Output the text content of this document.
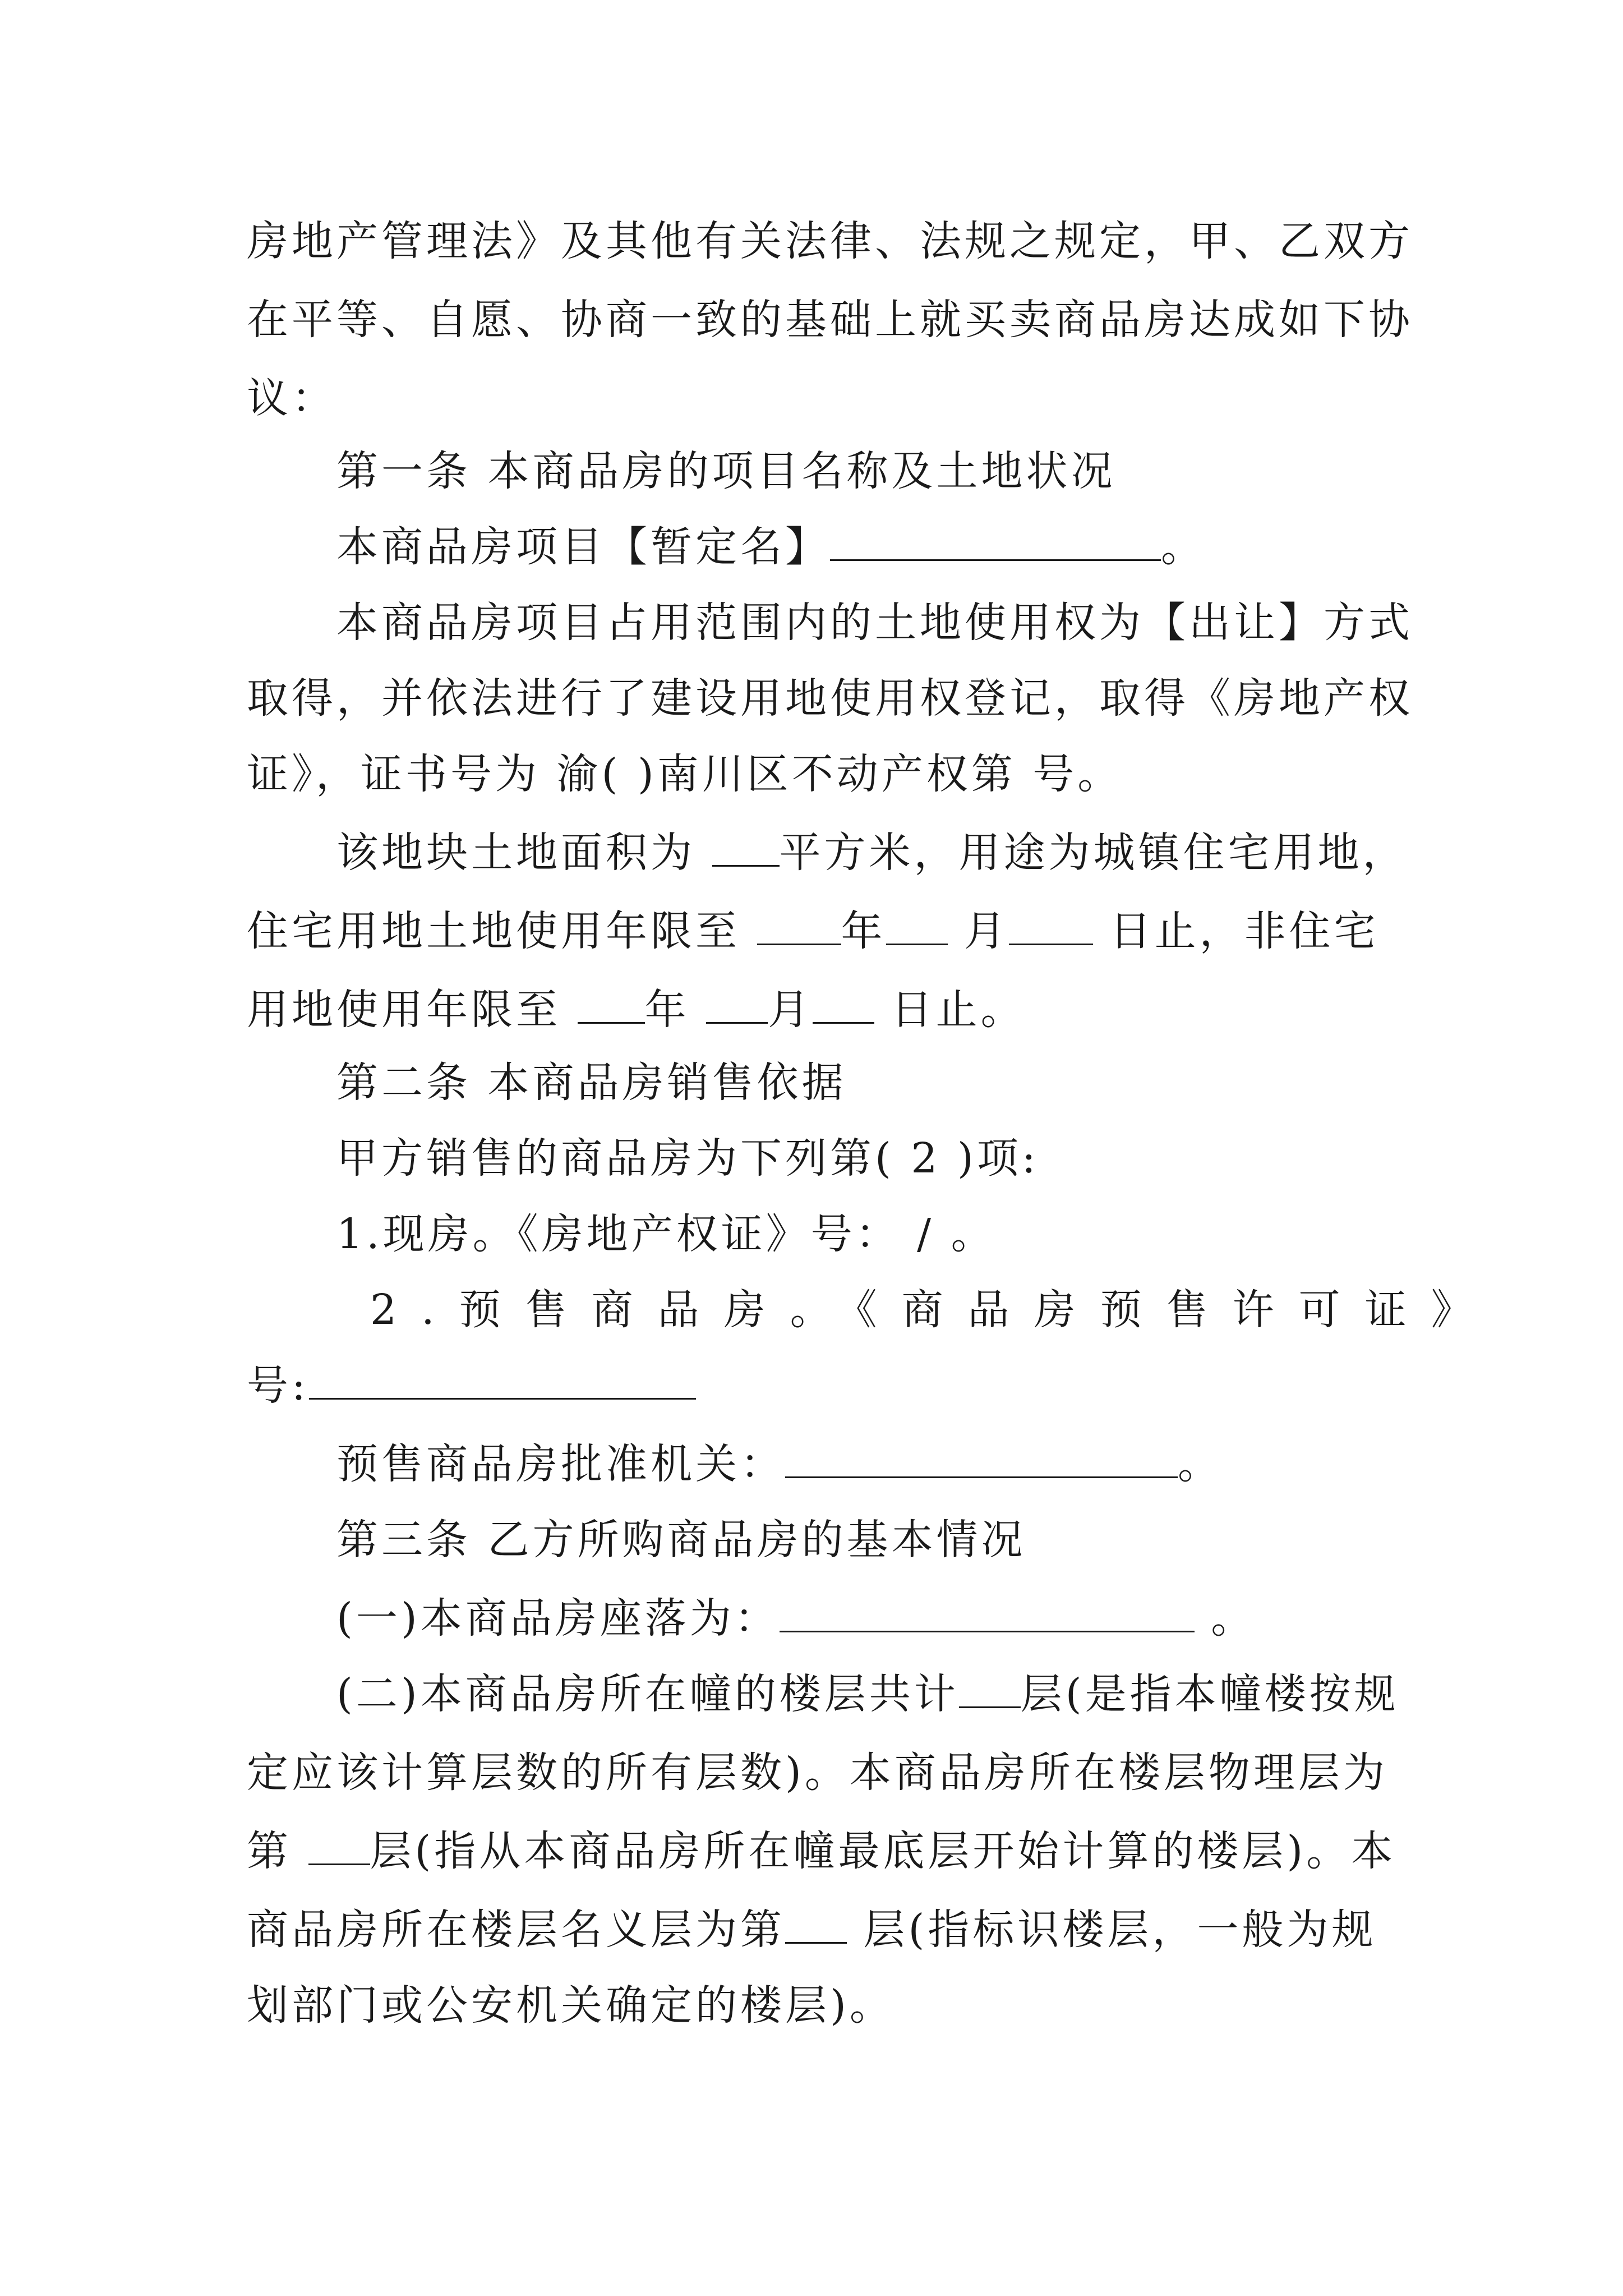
房地产管理法》及其他有关法律、法规之规定，甲、乙双方
在平等、自愿、协商一致的基础上就买卖商品房达成如下协
议：
第一条 本商品房的项目名称及土地状况
本商品房项目【暂定名】	。
本商品房项目占用范围内的土地使用权为【出让】方式
取得，并依法进行了建设用地使用权登记，取得《房地产权
证》，证书号为 渝( )南川区不动产权第 号。
该地块土地面积为 平方米，用途为城镇住宅用地，
住宅用地土地使用年限至 年 月 日止，非住宅
用地使用年限至 年 月 日止。
第二条 本商品房销售依据
甲方销售的商品房为下列第( 2 )项:
1.现房。《房地产权证》号： / 。
2.预售商品房。《商品房预售许可证》
号:
预售商品房批准机关：	。
第三条 乙方所购商品房的基本情况
(一)本商品房座落为：	。
(二)本商品房所在幢的楼层共计 层(是指本幢楼按规
定应该计算层数的所有层数)。本商品房所在楼层物理层为
第 层(指从本商品房所在幢最底层开始计算的楼层)。本
商品房所在楼层名义层为第 层(指标识楼层，一般为规
划部门或公安机关确定的楼层)。
